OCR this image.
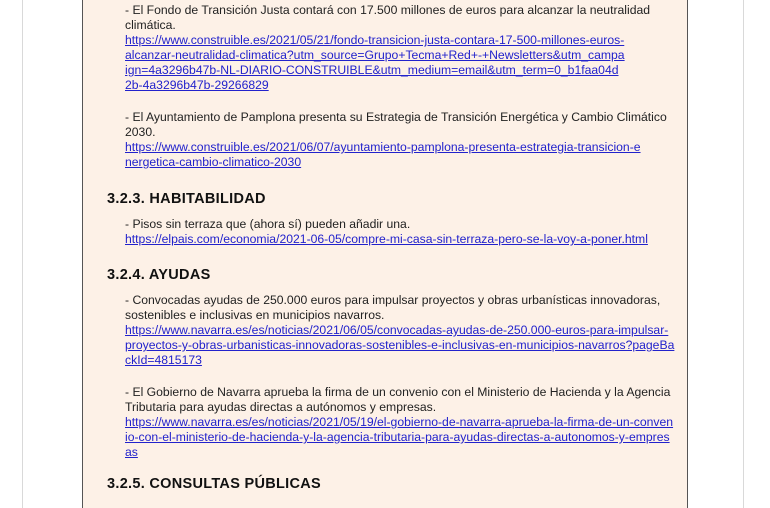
- El Fondo de Transición Justa contará con 17.500 millones de euros para alcanzar la neutralidad climática.

https://www.construible.es/2021/05/21/fondo-transicion-justa-contara-17-500-millones-euros-alcanzar-neutralidad-climatica?utm_source=Grupo+Tecma+Red+-+Newsletters&utm_campaign=4a3296b47b-NL-DIARIO-CONSTRUIBLE&utm_medium=email&utm_term=0_b1faa04d2b-4a3296b47b-29266829

- El Ayuntamiento de Pamplona presenta su Estrategia de Transición Energética y Cambio Climático 2030.

https://www.construible.es/2021/06/07/ayuntamiento-pamplona-presenta-estrategia-transicion-energetica-cambio-climatico-2030

3.2.3. HABITABILIDAD

- Pisos sin terraza que (ahora sí) pueden añadir una.

https://elpais.com/economia/2021-06-05/compre-mi-casa-sin-terraza-pero-se-la-voy-a-poner.html

3.2.4. AYUDAS

- Convocadas ayudas de 250.000 euros para impulsar proyectos y obras urbanísticas innovadoras, sostenibles e inclusivas en municipios navarros.

https://www.navarra.es/es/noticias/2021/06/05/convocadas-ayudas-de-250.000-euros-para-impulsar-proyectos-y-obras-urbanisticas-innovadoras-sostenibles-e-inclusivas-en-municipios-navarros?pageBackId=4815173

- El Gobierno de Navarra aprueba la firma de un convenio con el Ministerio de Hacienda y la Agencia Tributaria para ayudas directas a autónomos y empresas.

https://www.navarra.es/es/noticias/2021/05/19/el-gobierno-de-navarra-aprueba-la-firma-de-un-convenio-con-el-ministerio-de-hacienda-y-la-agencia-tributaria-para-ayudas-directas-a-autonomos-y-empresas

3.2.5. CONSULTAS PÚBLICAS
